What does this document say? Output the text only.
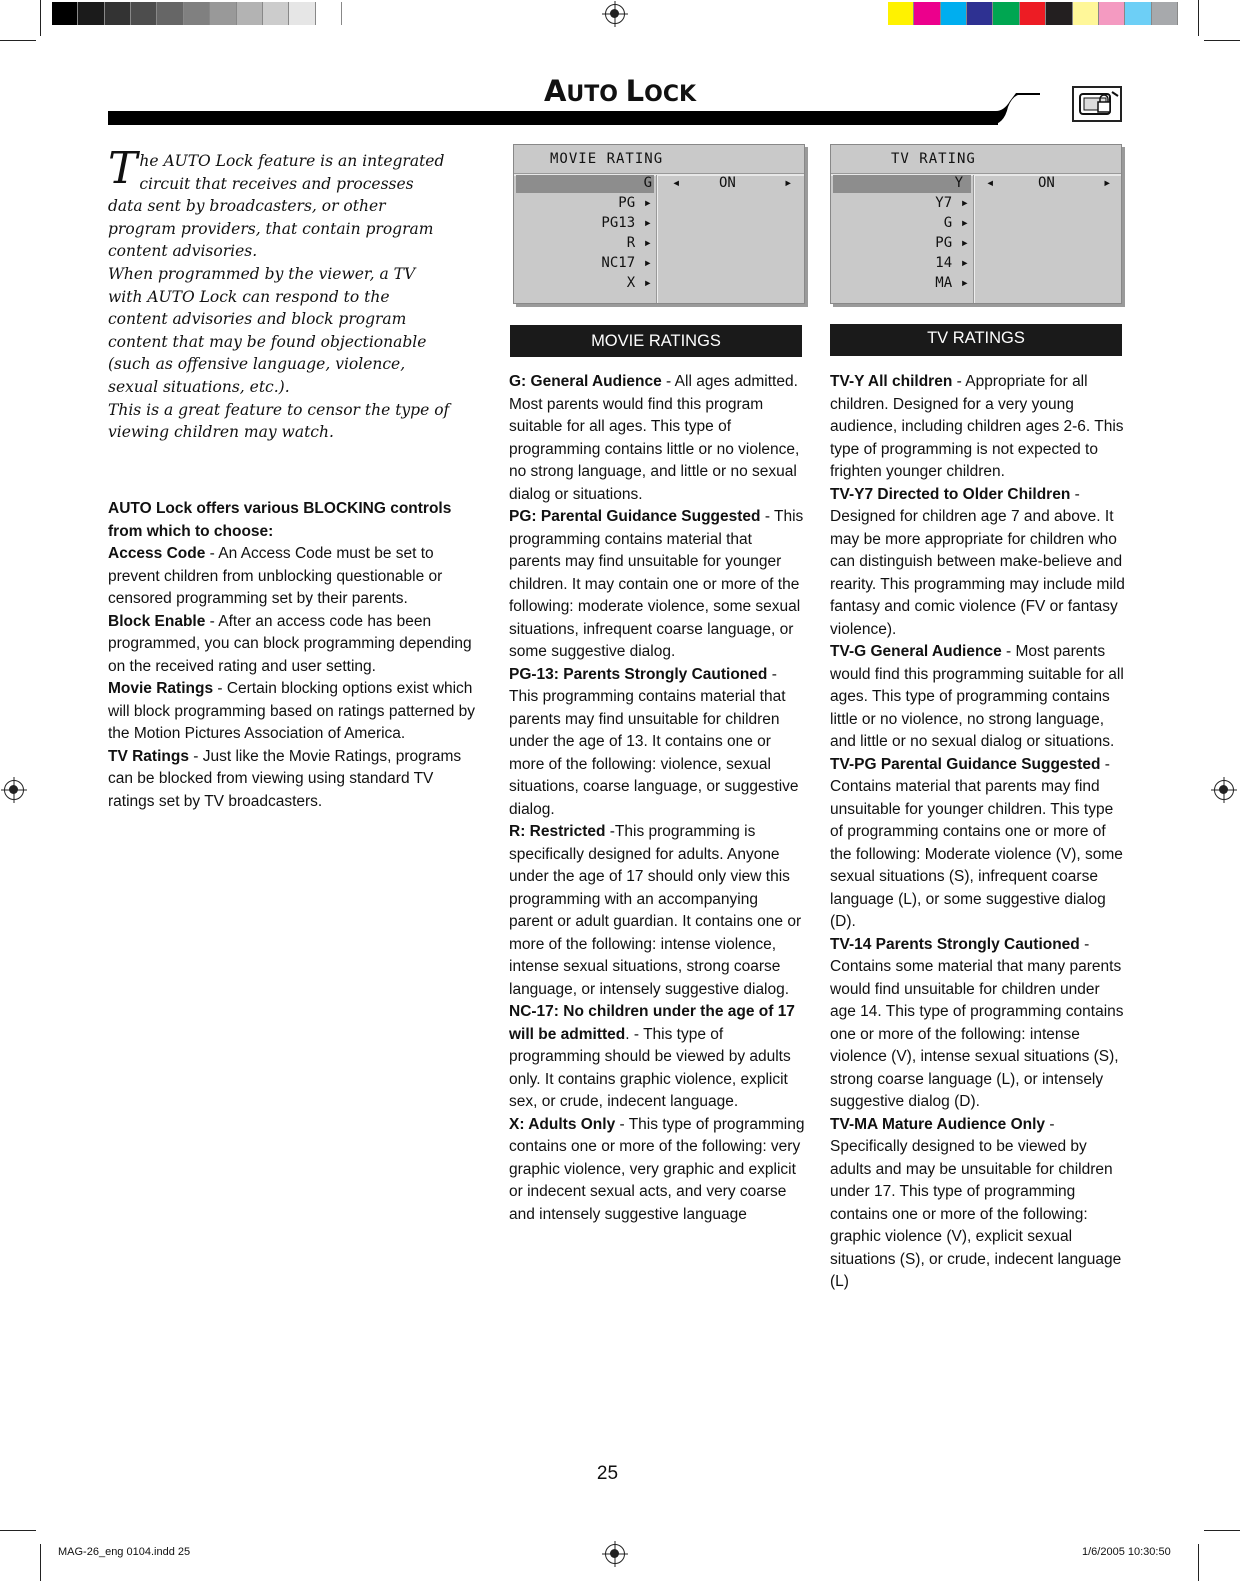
AUTO LOCK
T he AUTO Lock feature is an integrated circuit that receives and processes data sent by broadcasters, or other program providers, that contain program content advisories.

When programmed by the viewer, a TV with AUTO Lock can respond to the content advisories and block program content that may be found objectionable (such as offensive language, violence, sexual situations, etc.).

This is a great feature to censor the type of viewing children may watch.

AUTO Lock offers various BLOCKING controls from which to choose:

Access Code - An Access Code must be set to prevent children from unblocking questionable or censored programming set by their parents.

Block Enable - After an access code has been programmed, you can block programming depending on the received rating and user setting.

Movie Ratings - Certain blocking options exist which will block programming based on ratings patterned by the Motion Pictures Association of America.

TV Ratings - Just like the Movie Ratings, programs can be blocked from viewing using standard TV ratings set by TV broadcasters.

MOVIE RATING
G
PG ▸
PG13 ▸
R ▸
NC17 ▸
X ▸
◂	ON	▸
TV RATING
Y
Y7 ▸
G ▸
PG ▸
14 ▸
MA ▸
◂	ON	▸
MOVIE RATINGS	TV RATINGS

G: General Audience - All ages admitted. Most parents would find this program suitable for all ages. This type of programming contains little or no violence, no strong language, and little or no sexual dialog or situations.

PG: Parental Guidance Suggested - This programming contains material that parents may find unsuitable for younger children. It may contain one or more of the following: moderate violence, some sexual situations, infrequent coarse language, or some suggestive dialog.

PG-13: Parents Strongly Cautioned - This programming contains material that parents may find unsuitable for children under the age of 13. It contains one or more of the following: violence, sexual situations, coarse language, or suggestive dialog.

R: Restricted -This programming is specifically designed for adults. Anyone under the age of 17 should only view this programming with an accompanying parent or adult guardian. It contains one or more of the following: intense violence, intense sexual situations, strong coarse language, or intensely suggestive dialog.

NC-17: No children under the age of 17 will be admitted. - This type of programming should be viewed by adults only. It contains graphic violence, explicit sex, or crude, indecent language.

X: Adults Only - This type of programming contains one or more of the following: very graphic violence, very graphic and explicit or indecent sexual acts, and very coarse and intensely suggestive language

TV-Y All children - Appropriate for all children. Designed for a very young audience, including children ages 2-6. This type of programming is not expected to frighten younger children.

TV-Y7 Directed to Older Children - Designed for children age 7 and above. It may be more appropriate for children who can distinguish between make-believe and rearity. This programming may include mild fantasy and comic violence (FV or fantasy violence).

TV-G General Audience - Most parents would find this programming suitable for all ages. This type of programming contains little or no violence, no strong language, and little or no sexual dialog or situations.

TV-PG Parental Guidance Suggested - Contains material that parents may find unsuitable for younger children. This type of programming contains one or more of the following: Moderate violence (V), some sexual situations (S), infrequent coarse language (L), or some suggestive dialog (D).

TV-14 Parents Strongly Cautioned - Contains some material that many parents would find unsuitable for children under age 14. This type of programming contains one or more of the following: intense violence (V), intense sexual situations (S), strong coarse language (L), or intensely suggestive dialog (D).

TV-MA Mature Audience Only - Specifically designed to be viewed by adults and may be unsuitable for children under 17. This type of programming contains one or more of the following: graphic violence (V), explicit sexual situations (S), or crude, indecent language (L)

25
MAG-26_eng 0104.indd 25	1/6/2005 10:30:50
